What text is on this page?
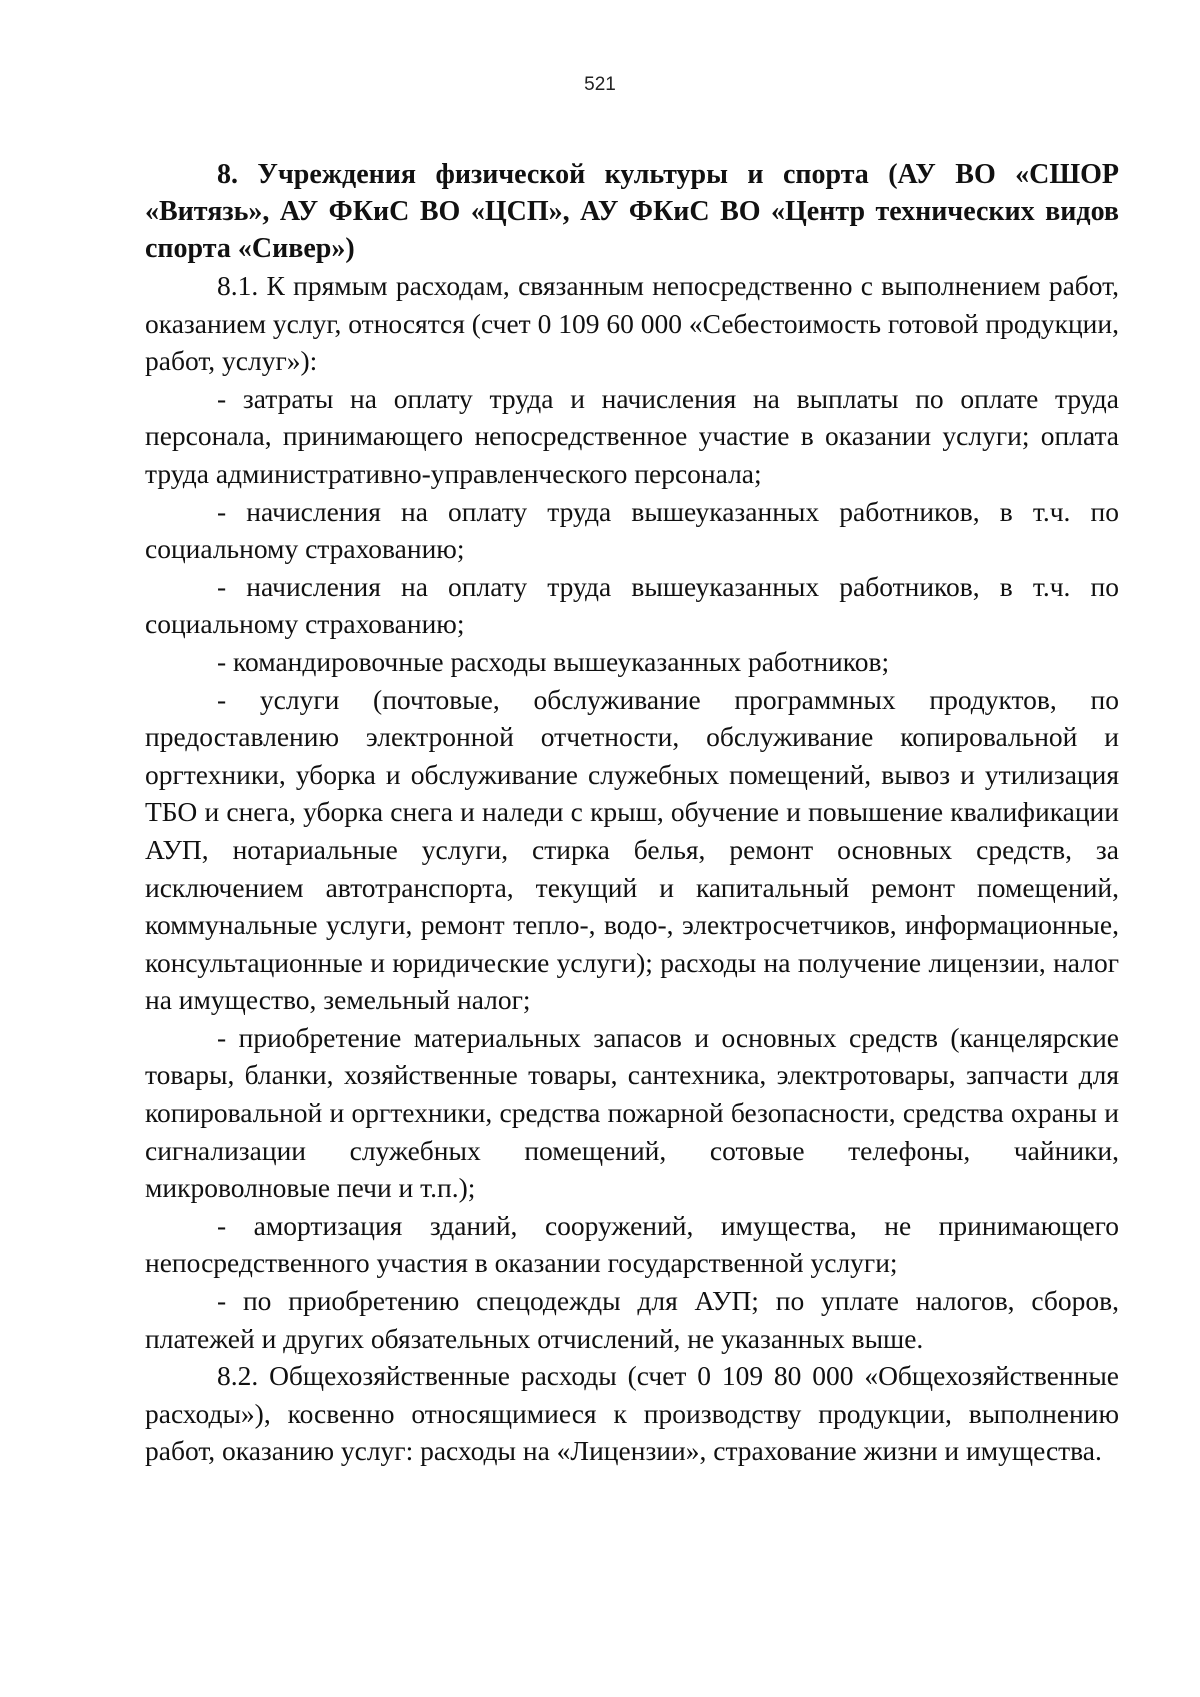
521

8. Учреждения физической культуры и спорта (АУ ВО «СШОР «Витязь», АУ ФКиС ВО «ЦСП», АУ ФКиС ВО «Центр технических видов спорта «Сивер»)

8.1. К прямым расходам, связанным непосредственно с выполнением работ, оказанием услуг, относятся (счет 0 109 60 000 «Себестоимость готовой продукции, работ, услуг»):

- затраты на оплату труда и начисления на выплаты по оплате труда персонала, принимающего непосредственное участие в оказании услуги; оплата труда административно-управленческого персонала;

- начисления на оплату труда вышеуказанных работников, в т.ч. по социальному страхованию;

- начисления на оплату труда вышеуказанных работников, в т.ч. по социальному страхованию;

- командировочные расходы вышеуказанных работников;

- услуги (почтовые, обслуживание программных продуктов, по предоставлению электронной отчетности, обслуживание копировальной и оргтехники, уборка и обслуживание служебных помещений, вывоз и утилизация ТБО и снега, уборка снега и наледи с крыш, обучение и повышение квалификации АУП, нотариальные услуги, стирка белья, ремонт основных средств, за исключением автотранспорта, текущий и капитальный ремонт помещений, коммунальные услуги, ремонт тепло-, водо-, электросчетчиков, информационные, консультационные и юридические услуги); расходы на получение лицензии, налог на имущество, земельный налог;

- приобретение материальных запасов и основных средств (канцелярские товары, бланки, хозяйственные товары, сантехника, электротовары, запчасти для копировальной и оргтехники, средства пожарной безопасности, средства охраны и сигнализации служебных помещений, сотовые телефоны, чайники, микроволновые печи и т.п.);

- амортизация зданий, сооружений, имущества, не принимающего непосредственного участия в оказании государственной услуги;

- по приобретению спецодежды для АУП; по уплате налогов, сборов, платежей и других обязательных отчислений, не указанных выше.

8.2. Общехозяйственные расходы (счет 0 109 80 000 «Общехозяйственные расходы»), косвенно относящимиеся к производству продукции, выполнению работ, оказанию услуг: расходы на «Лицензии», страхование жизни и имущества.
